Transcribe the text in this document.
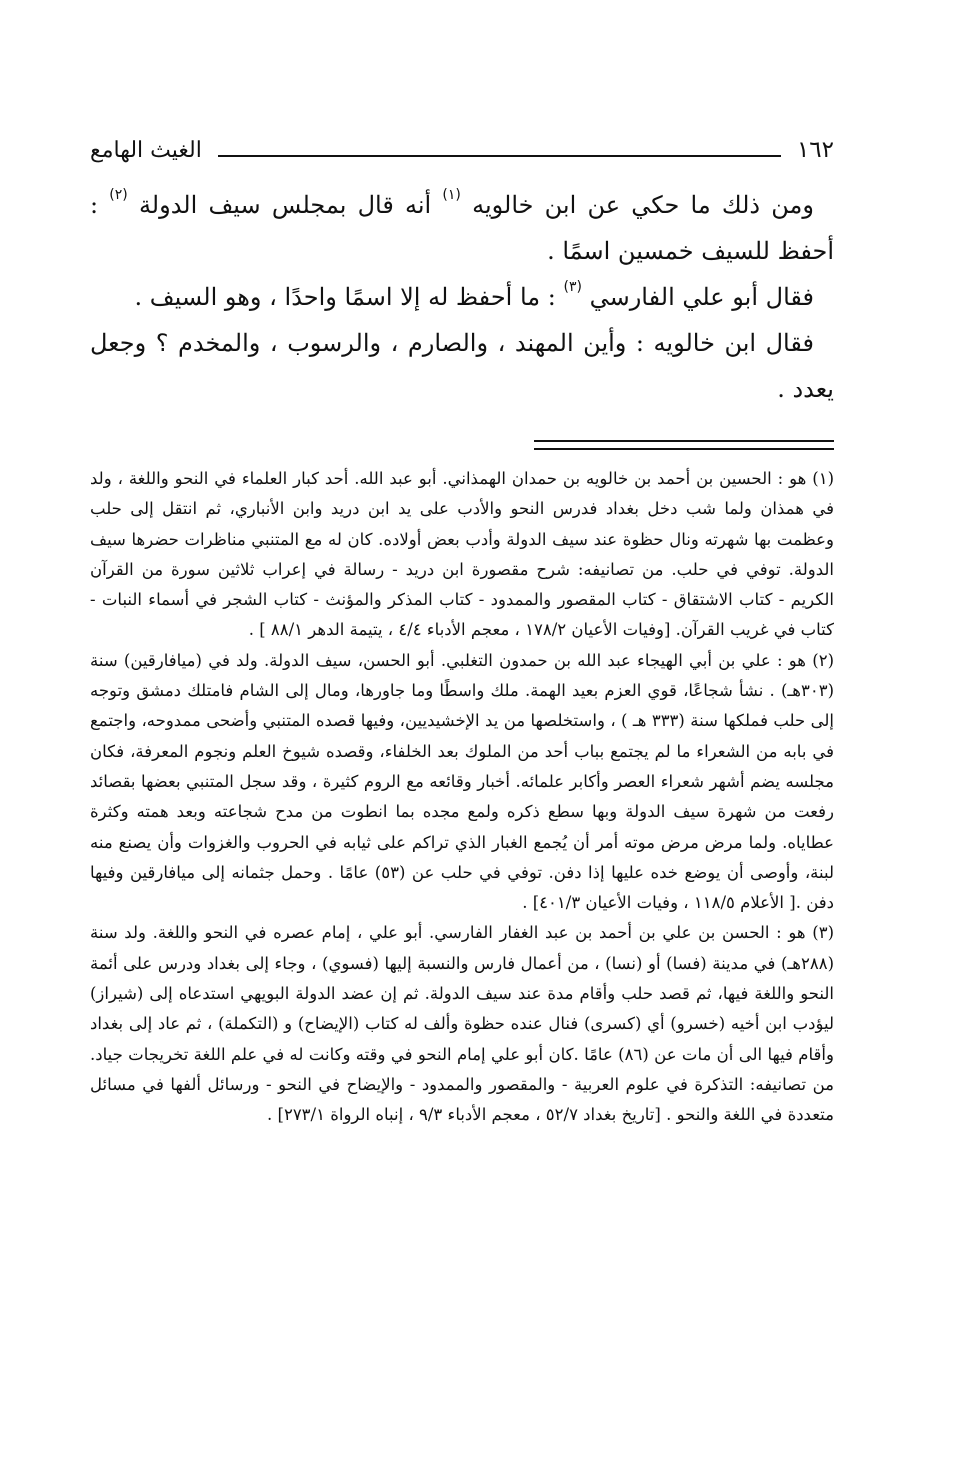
١٦٢
الغيث الهامع

ومن ذلك ما حكي عن ابن خالويه $^{(١)}$ أنه قال بمجلس سيف الدولة $^{(٢)}$ : أحفظ للسيف خمسين اسمًا .

فقال أبو علي الفارسي $^{(٣)}$ : ما أحفظ له إلا اسمًا واحدًا ، وهو السيف .

فقال ابن خالويه : وأين المهند ، والصارم ، والرسوب ، والمخدم ؟ وجعل يعدد .

(١) هو : الحسين بن أحمد بن خالويه بن حمدان الهمذاني. أبو عبد الله. أحد كبار العلماء في النحو واللغة ، ولد في همذان ولما شب دخل بغداد فدرس النحو والأدب على يد ابن دريد وابن الأنباري، ثم انتقل إلى حلب وعظمت بها شهرته ونال حظوة عند سيف الدولة وأدب بعض أولاده. كان له مع المتنبي مناظرات حضرها سيف الدولة. توفي في حلب. من تصانيفه: شرح مقصورة ابن دريد - رسالة في إعراب ثلاثين سورة من القرآن الكريم - كتاب الاشتقاق - كتاب المقصور والممدود - كتاب المذكر والمؤنث - كتاب الشجر في أسماء النبات - كتاب في غريب القرآن. [وفيات الأعيان ١٧٨/٢ ، معجم الأدباء ٤/٤ ، يتيمة الدهر ٨٨/١ ] .

(٢) هو : علي بن أبي الهيجاء عبد الله بن حمدون التغلبي. أبو الحسن، سيف الدولة. ولد في (ميافارقين) سنة (٣٠٣هـ) . نشأ شجاعًا، قوي العزم بعيد الهمة. ملك واسطًا وما جاورها، ومال إلى الشام فامتلك دمشق وتوجه إلى حلب فملكها سنة (٣٣٣ هـ ) ، واستخلصها من يد الإخشيديين، وفيها قصده المتنبي وأضحى ممدوحه، واجتمع في بابه من الشعراء ما لم يجتمع بباب أحد من الملوك بعد الخلفاء، وقصده شيوخ العلم ونجوم المعرفة، فكان مجلسه يضم أشهر شعراء العصر وأكابر علمائه. أخبار وقائعه مع الروم كثيرة ، وقد سجل المتنبي بعضها بقصائد رفعت من شهرة سيف الدولة وبها سطع ذكره ولمع مجده بما انطوت من مدح شجاعته وبعد همته وكثرة عطاياه. ولما مرض مرض موته أمر أن يُجمع الغبار الذي تراكم على ثيابه في الحروب والغزوات وأن يصنع منه لبنة، وأوصى أن يوضع خده عليها إذا دفن. توفي في حلب عن (٥٣) عامًا . وحمل جثمانه إلى ميافارقين وفيها دفن .[ الأعلام ١١٨/٥ ، وفيات الأعيان ٤٠١/٣] .

(٣) هو : الحسن بن علي بن أحمد بن عبد الغفار الفارسي. أبو علي ، إمام عصره في النحو واللغة. ولد سنة (٢٨٨هـ) في مدينة (فسا) أو (نسا) ، من أعمال فارس والنسبة إليها (فسوي) ، وجاء إلى بغداد ودرس على أئمة النحو واللغة فيها، ثم قصد حلب وأقام مدة عند سيف الدولة. ثم إن عضد الدولة البويهي استدعاه إلى (شيراز) ليؤدب ابن أخيه (خسرو) أي (كسرى) فنال عنده حظوة وألف له كتاب (الإيضاح) و (التكملة) ، ثم عاد إلى بغداد وأقام فيها الى أن مات عن (٨٦) عامًا .كان أبو علي إمام النحو في وقته وكانت له في علم اللغة تخريجات جياد. من تصانيفه: التذكرة في علوم العربية - والمقصور والممدود - والإيضاح في النحو - ورسائل ألفها في مسائل متعددة في اللغة والنحو . [تاريخ بغداد ٥٢/٧ ، معجم الأدباء ٩/٣ ، إنباه الرواة ٢٧٣/١] .
